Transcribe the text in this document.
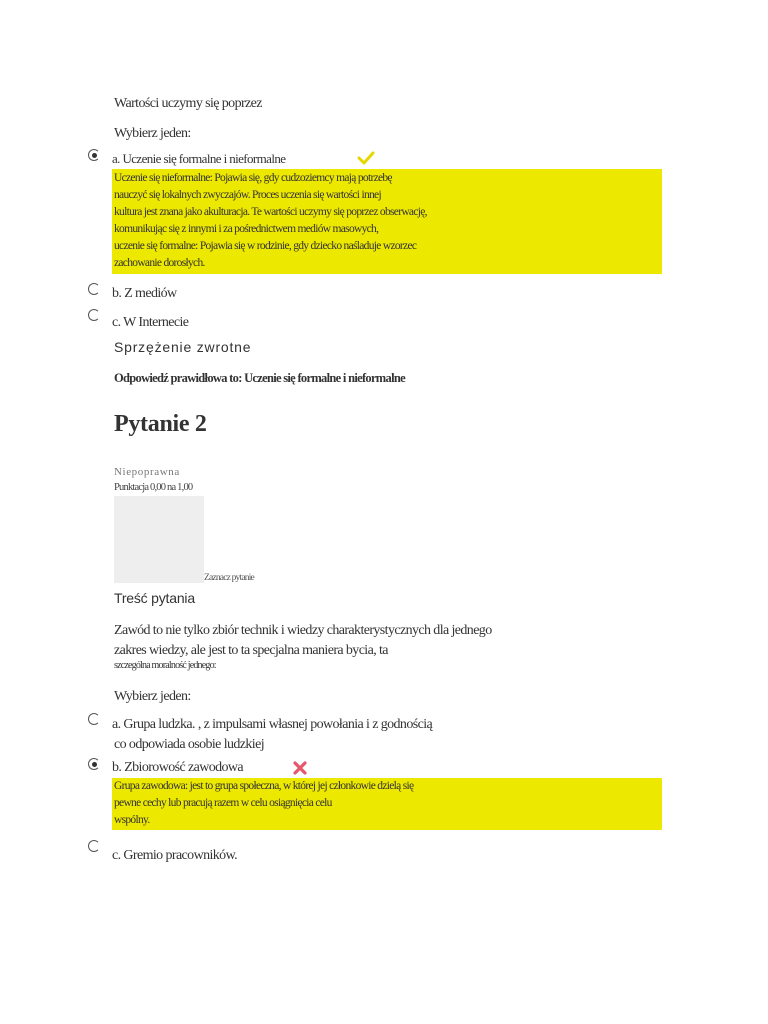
Wartości uczymy się poprzez
Wybierz jeden:
a. Uczenie się formalne i nieformalne
Uczenie się nieformalne: Pojawia się, gdy cudzoziemcy mają potrzebę
nauczyć się lokalnych zwyczajów. Proces uczenia się wartości innej
kultura jest znana jako akulturacja. Te wartości uczymy się poprzez obserwację,
komunikując się z innymi i za pośrednictwem mediów masowych,
uczenie się formalne: Pojawia się w rodzinie, gdy dziecko naśladuje wzorzec
zachowanie dorosłych.
b. Z mediów
c. W Internecie
Sprzężenie zwrotne
Odpowiedź prawidłowa to: Uczenie się formalne i nieformalne
Pytanie 2
Niepoprawna
Punktacja 0,00 na 1,00
Zaznacz pytanie
Treść pytania
Zawód to nie tylko zbiór technik i wiedzy charakterystycznych dla jednego
zakres wiedzy, ale jest to ta specjalna maniera bycia, ta
szczególna moralność jednego:
Wybierz jeden:
a. Grupa ludzka. , z impulsami własnej powołania i z godnością
co odpowiada osobie ludzkiej
b. Zbiorowość zawodowa
Grupa zawodowa: jest to grupa społeczna, w której jej członkowie dzielą się
pewne cechy lub pracują razem w celu osiągnięcia celu
wspólny.
c. Gremio pracowników.
